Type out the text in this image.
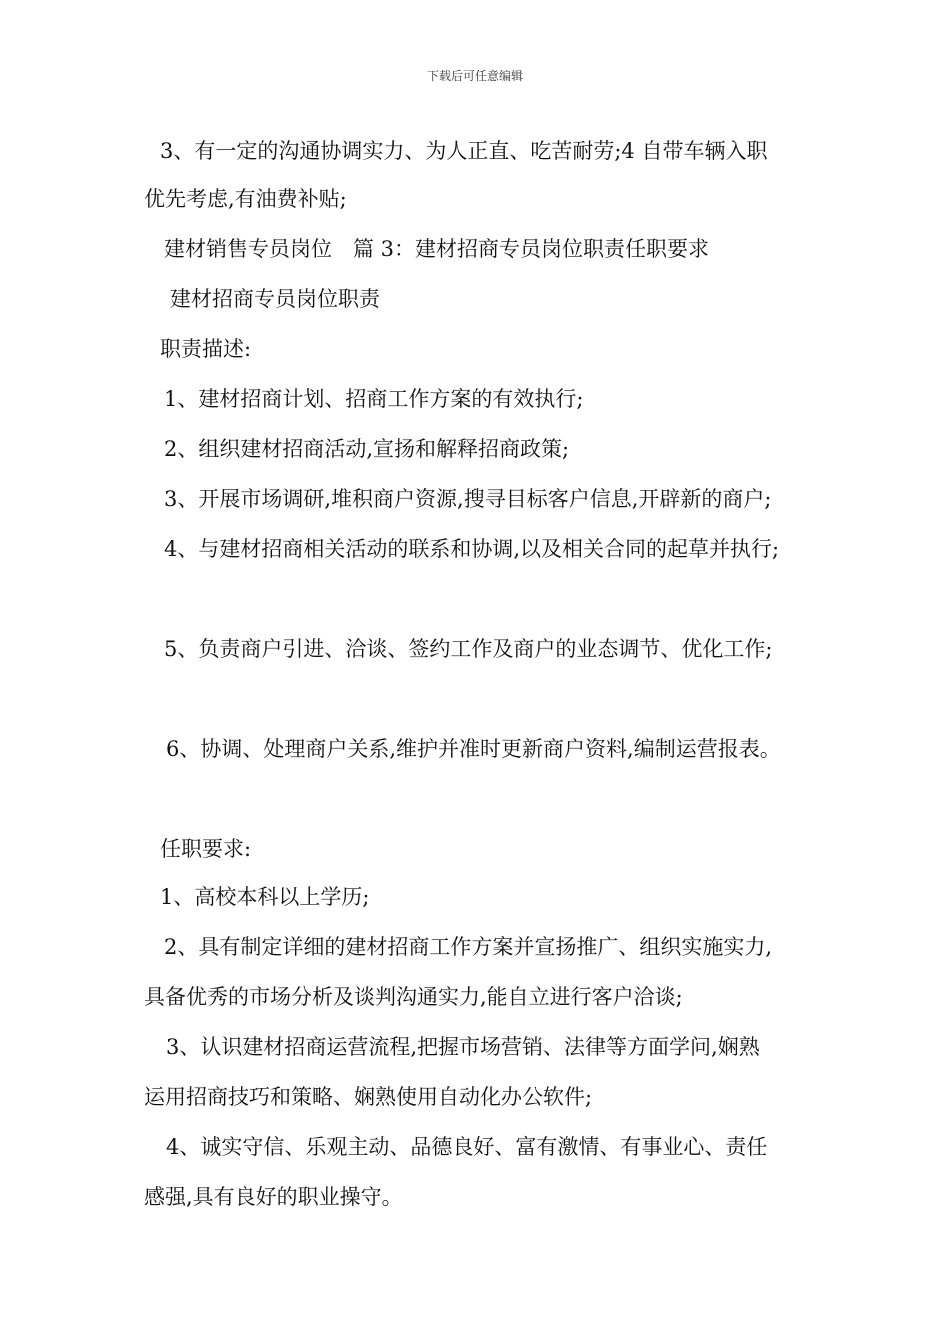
下载后可任意编辑
3、有一定的沟通协调实力、为人正直、吃苦耐劳;4 自带车辆入职
优先考虑,有油费补贴;
建材销售专员岗位　篇 3：建材招商专员岗位职责任职要求
建材招商专员岗位职责
职责描述:
1、建材招商计划、招商工作方案的有效执行;
2、组织建材招商活动,宣扬和解释招商政策;
3、开展市场调研,堆积商户资源,搜寻目标客户信息,开辟新的商户;
4、与建材招商相关活动的联系和协调,以及相关合同的起草并执行;
5、负责商户引进、洽谈、签约工作及商户的业态调节、优化工作;
6、协调、处理商户关系,维护并准时更新商户资料,编制运营报表。
任职要求:
1、高校本科以上学历;
2、具有制定详细的建材招商工作方案并宣扬推广、组织实施实力,
具备优秀的市场分析及谈判沟通实力,能自立进行客户洽谈;
3、认识建材招商运营流程,把握市场营销、法律等方面学问,娴熟
运用招商技巧和策略、娴熟使用自动化办公软件;
4、诚实守信、乐观主动、品德良好、富有激情、有事业心、责任
感强,具有良好的职业操守。
